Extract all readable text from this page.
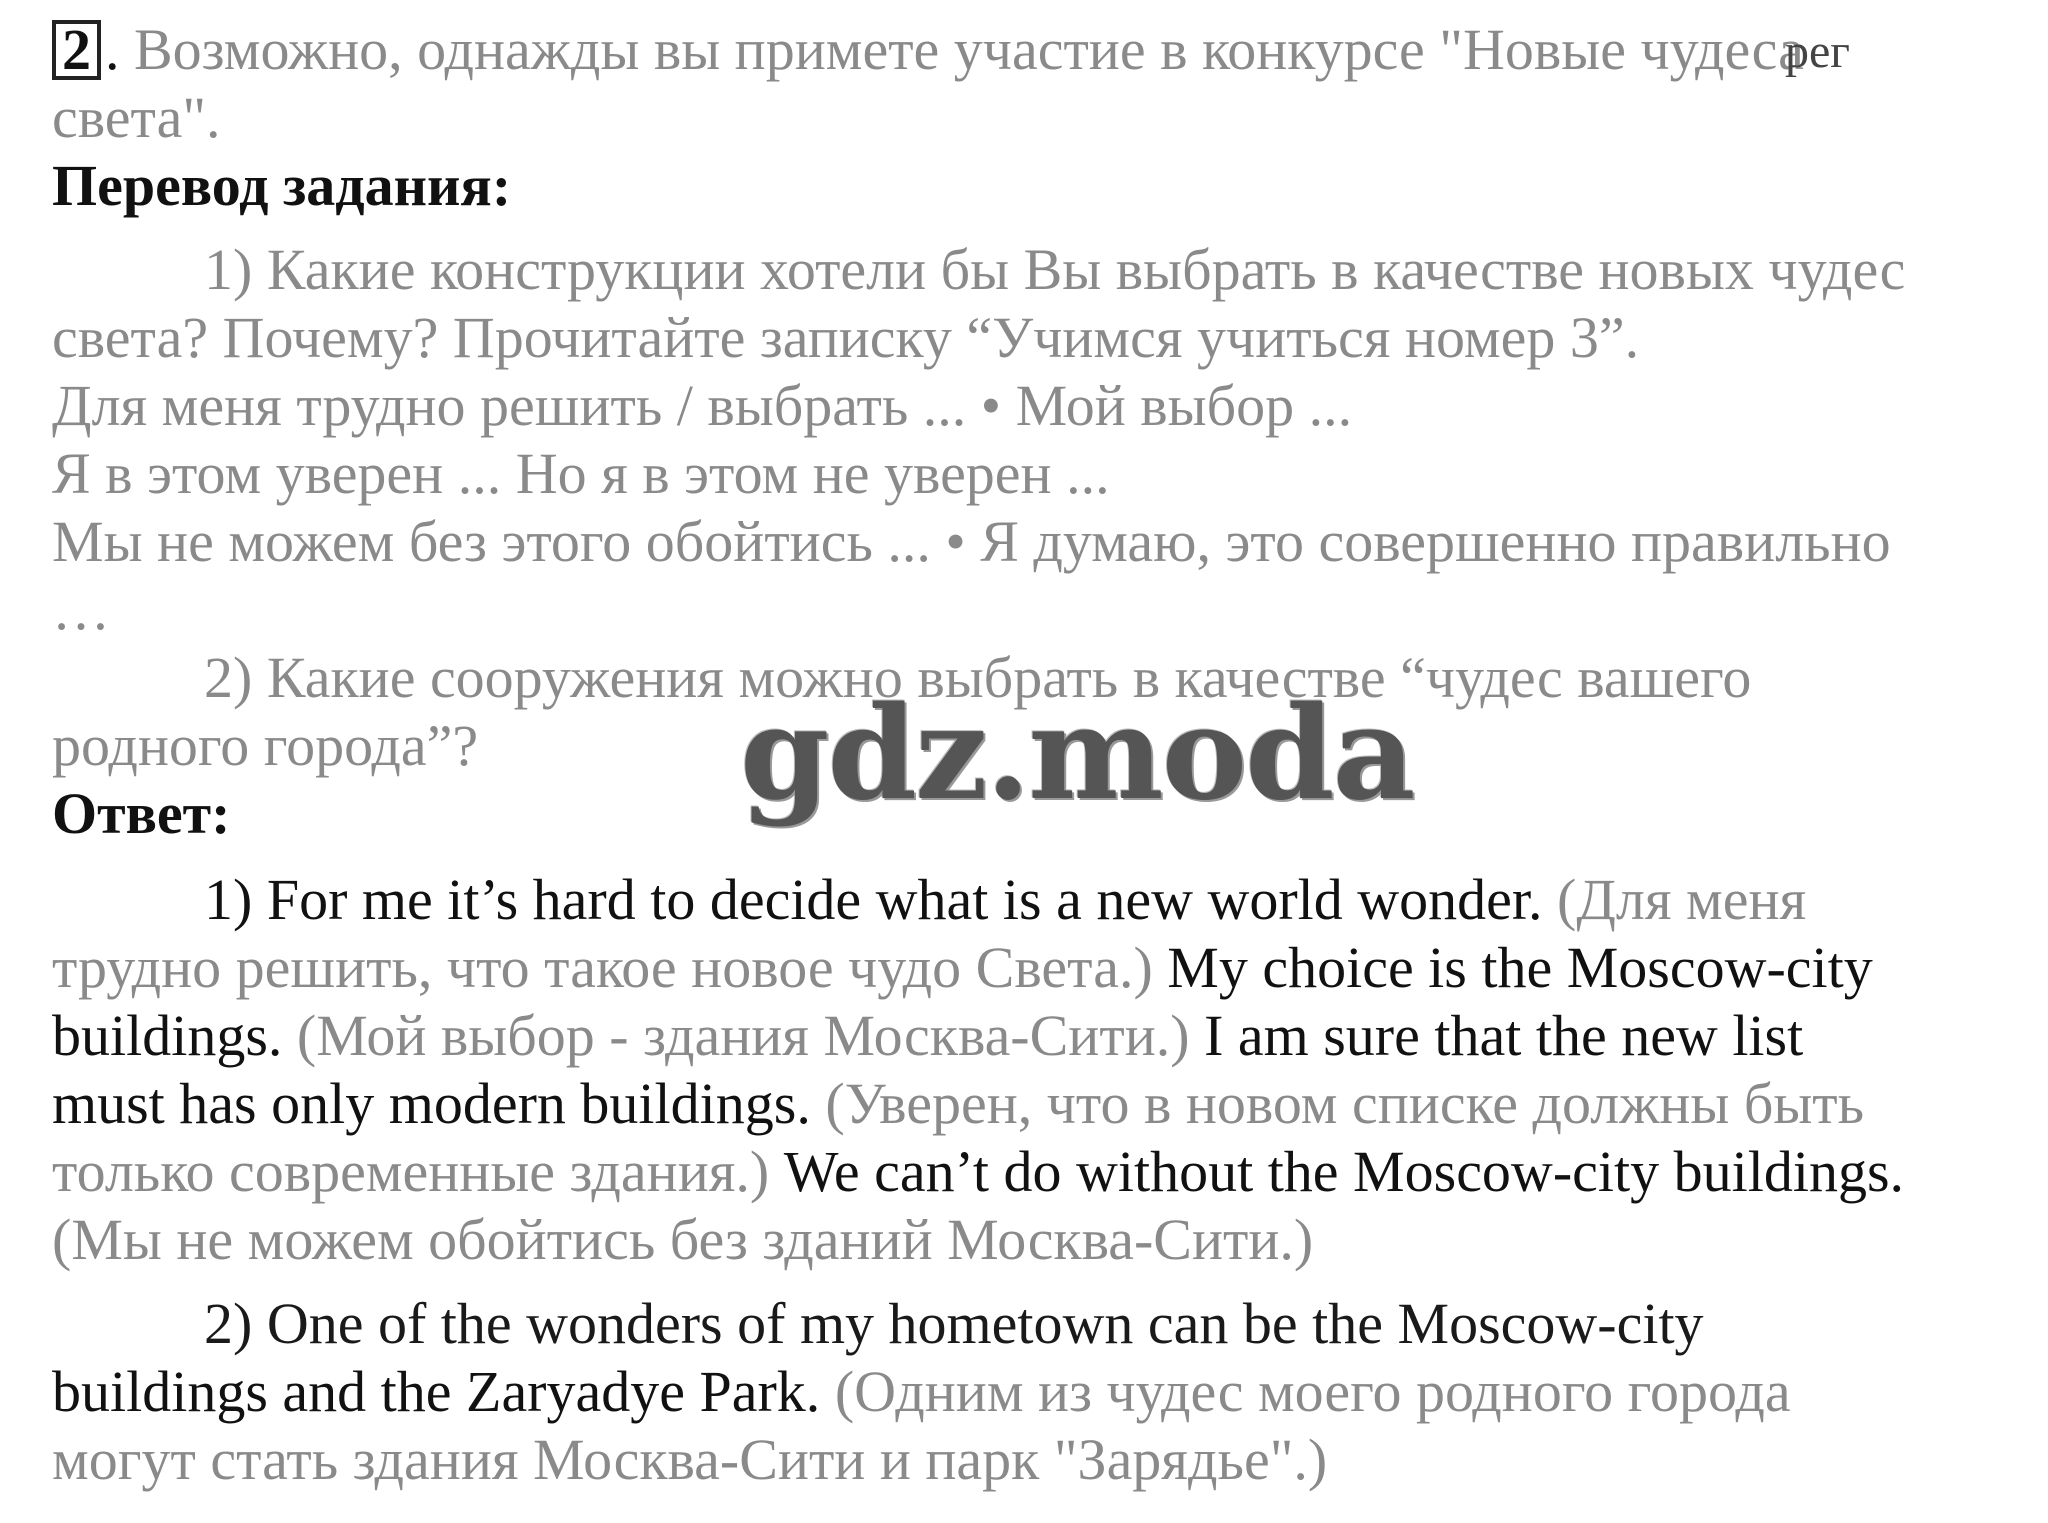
2 . Возможно, однажды вы примете участие в конкурсе "Новые чудеса
света".
Перевод задания:
1) Какие конструкции хотели бы Вы выбрать в качестве новых чудес
света? Почему? Прочитайте записку “Учимся учиться номер 3”.
Для меня трудно решить / выбрать ... • Мой выбор ...
Я в этом уверен ... Но я в этом не уверен ...
Мы не можем без этого обойтись ... • Я думаю, это совершенно правильно
…
2) Какие сооружения можно выбрать в качестве “чудес вашего
родного города”?
Ответ:
1) For me it’s hard to decide what is a new world wonder. (Для меня
трудно решить, что такое новое чудо Света.) My choice is the Moscow-city
buildings. (Мой выбор - здания Москва-Сити.) I am sure that the new list
must has only modern buildings. (Уверен, что в новом списке должны быть
только современные здания.) We can’t do without the Moscow-city buildings.
(Мы не можем обойтись без зданий Москва-Сити.)
2) One of the wonders of my hometown can be the Moscow-city
buildings and the Zaryadye Park. (Одним из чудес моего родного города
могут стать здания Москва-Сити и парк "Зарядье".)
рег
gdz.moda
